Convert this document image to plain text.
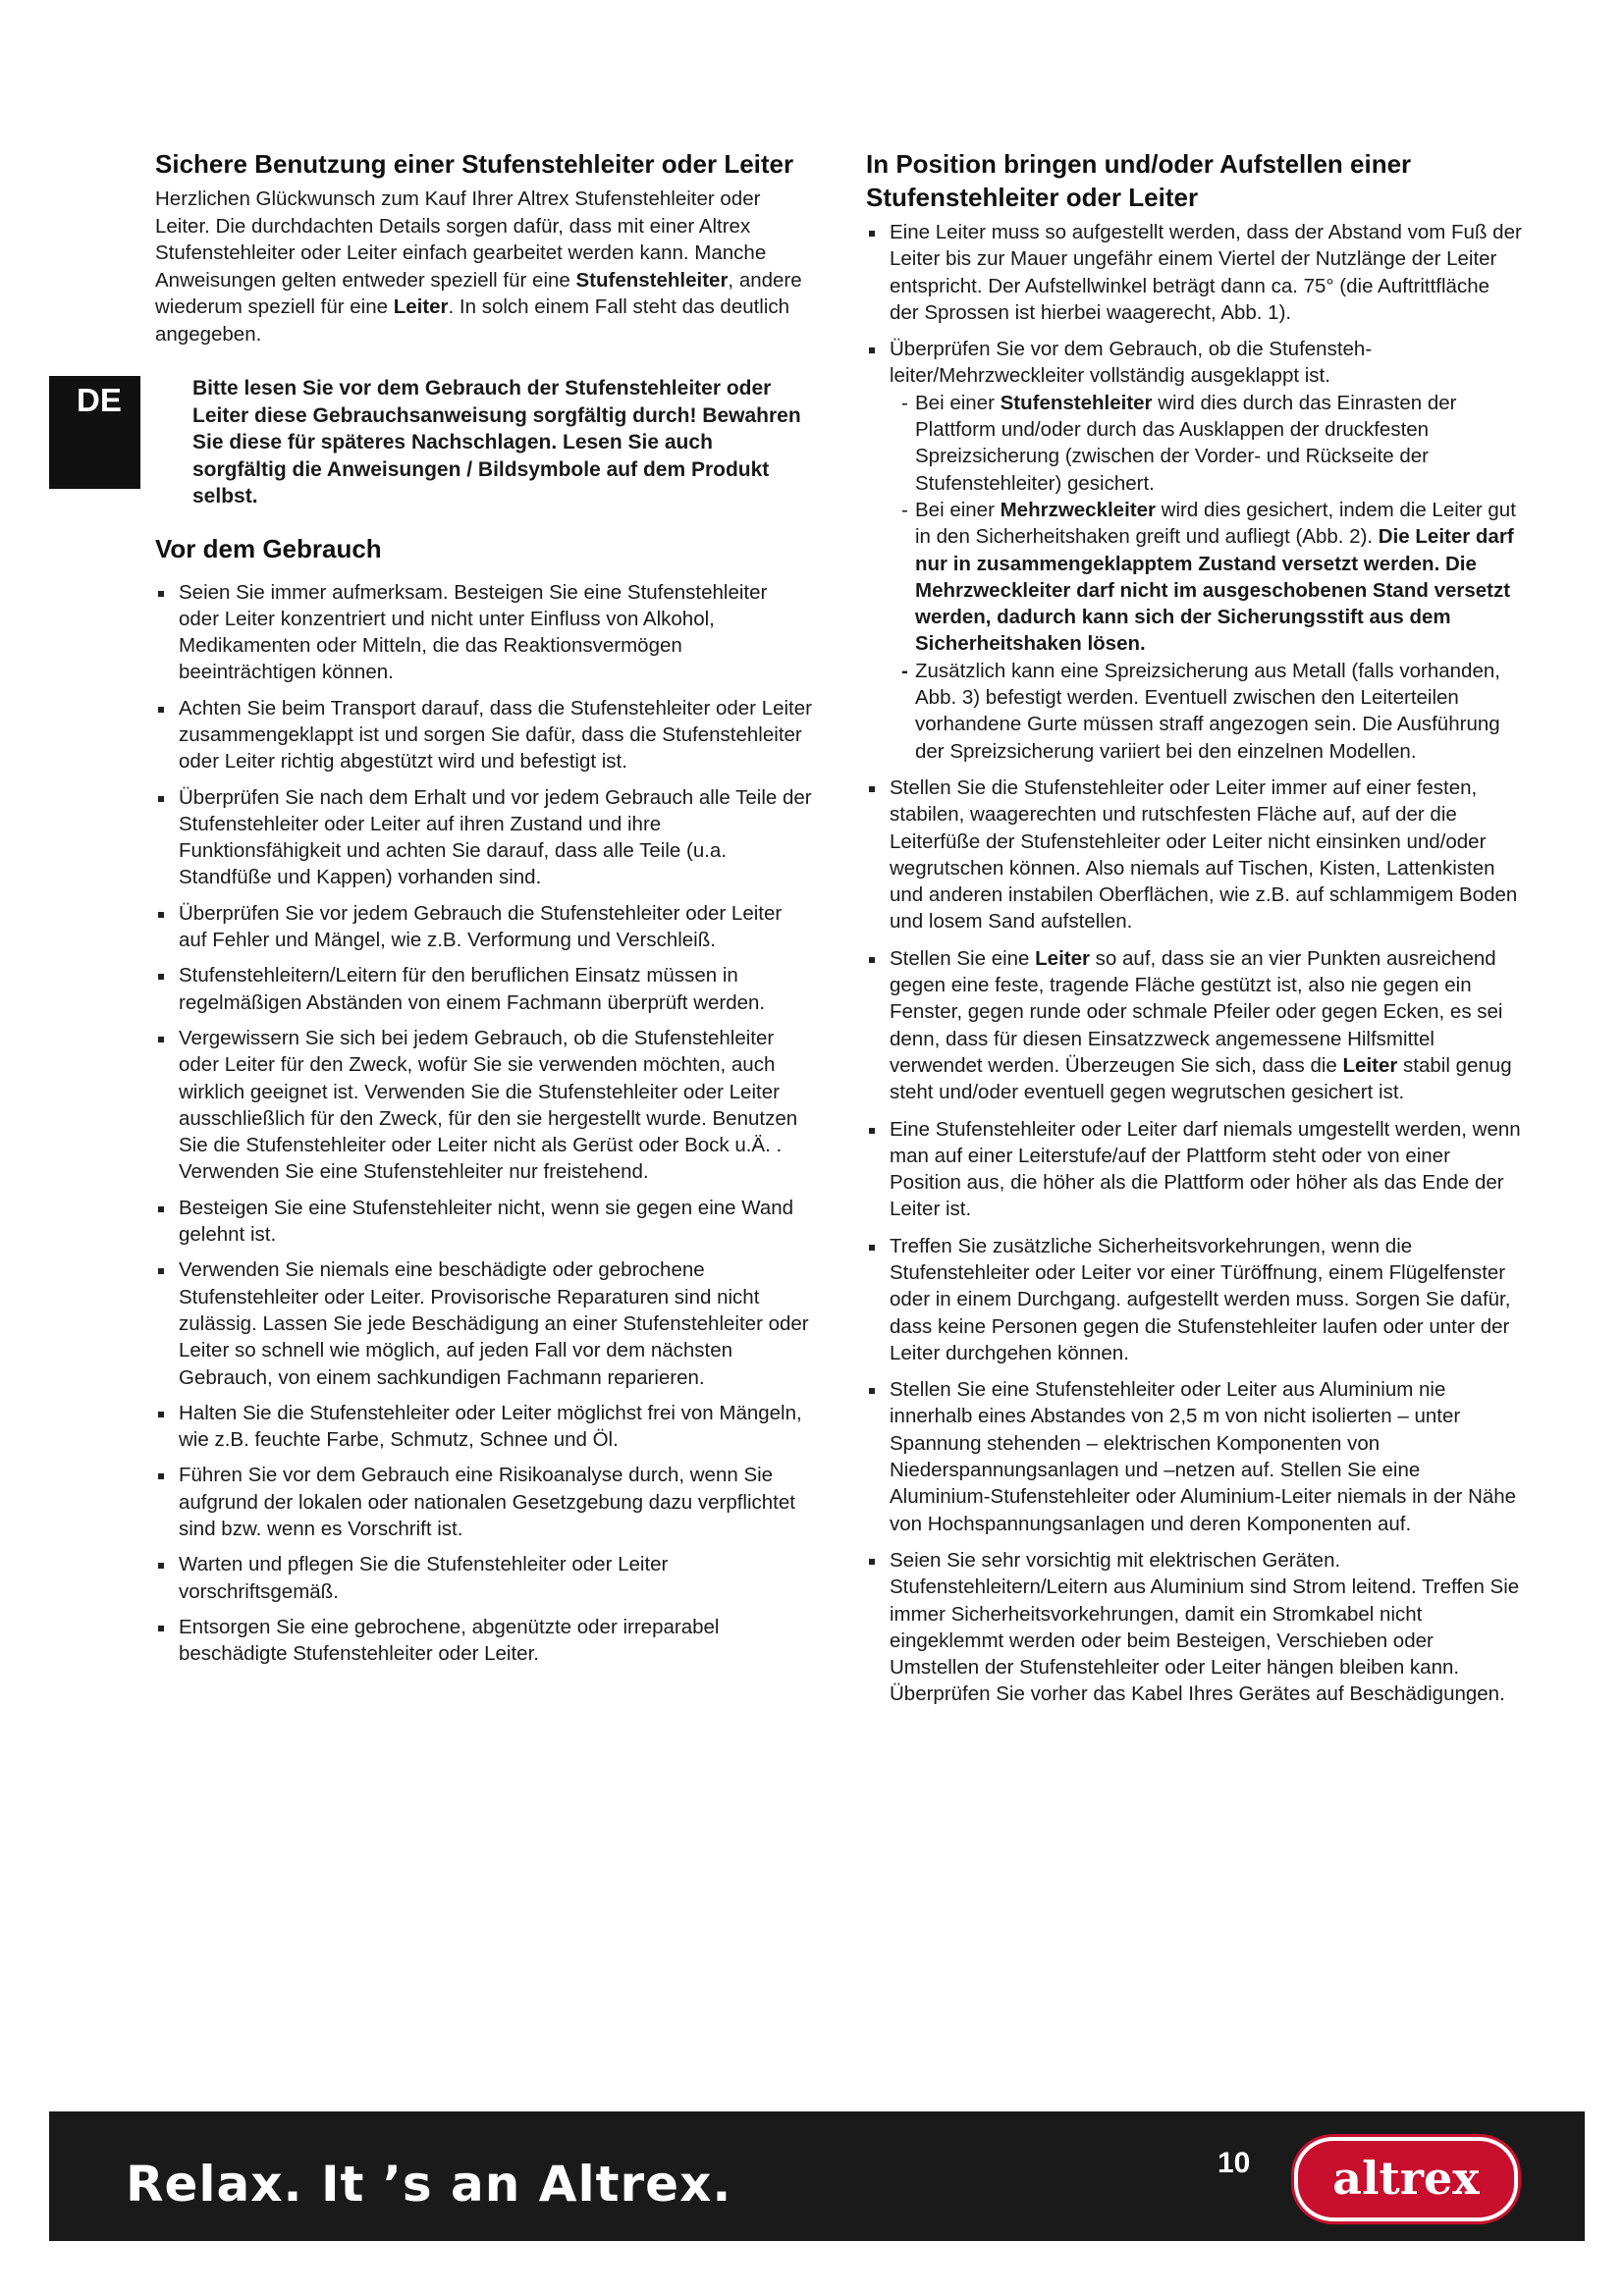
DE
Sichere Benutzung einer Stufenstehleiter oder Leiter

Herzlichen Glückwunsch zum Kauf Ihrer Altrex Stufenstehleiter oder Leiter. Die durchdachten Details sorgen dafür, dass mit einer Altrex Stufenstehleiter oder Leiter einfach gearbeitet werden kann. Manche Anweisungen gelten entweder speziell für eine Stufenstehleiter, andere wiederum speziell für eine Leiter. In solch einem Fall steht das deutlich angegeben.

Bitte lesen Sie vor dem Gebrauch der Stufenstehleiter oder Leiter diese Gebrauchsanweisung sorgfältig durch! Bewahren Sie diese für späteres Nachschlagen. Lesen Sie auch sorgfältig die Anweisungen / Bildsymbole auf dem Produkt selbst.
Vor dem Gebrauch
Seien Sie immer aufmerksam. Besteigen Sie eine Stufenstehleiter oder Leiter konzentriert und nicht unter Einfluss von Alkohol, Medikamenten oder Mitteln, die das Reaktionsvermögen beeinträchtigen können.
Achten Sie beim Transport darauf, dass die Stufenstehleiter oder Leiter zusammengeklappt ist und sorgen Sie dafür, dass die Stufenstehleiter oder Leiter richtig abgestützt wird und befestigt ist.
Überprüfen Sie nach dem Erhalt und vor jedem Gebrauch alle Teile der Stufenstehleiter oder Leiter auf ihren Zustand und ihre Funktionsfähigkeit und achten Sie darauf, dass alle Teile (u.a. Standfüße und Kappen) vorhanden sind.
Überprüfen Sie vor jedem Gebrauch die Stufenstehleiter oder Leiter auf Fehler und Mängel, wie z.B. Verformung und Verschleiß.
Stufenstehleitern/Leitern für den beruflichen Einsatz müssen in regelmäßigen Abständen von einem Fachmann überprüft werden.
Vergewissern Sie sich bei jedem Gebrauch, ob die Stufenstehleiter oder Leiter für den Zweck, wofür Sie sie verwenden möchten, auch wirklich geeignet ist. Verwenden Sie die Stufenstehleiter oder Leiter ausschließlich für den Zweck, für den sie hergestellt wurde. Benutzen Sie die Stufenstehleiter oder Leiter nicht als Gerüst oder Bock u.Ä. . Verwenden Sie eine Stufenstehleiter nur freistehend.
Besteigen Sie eine Stufenstehleiter nicht, wenn sie gegen eine Wand gelehnt ist.
Verwenden Sie niemals eine beschädigte oder gebrochene Stufenstehleiter oder Leiter. Provisorische Reparaturen sind nicht zulässig. Lassen Sie jede Beschädigung an einer Stufenstehleiter oder Leiter so schnell wie möglich, auf jeden Fall vor dem nächsten Gebrauch, von einem sachkundigen Fachmann reparieren.
Halten Sie die Stufenstehleiter oder Leiter möglichst frei von Mängeln, wie z.B. feuchte Farbe, Schmutz, Schnee und Öl.
Führen Sie vor dem Gebrauch eine Risikoanalyse durch, wenn Sie aufgrund der lokalen oder nationalen Gesetzgebung dazu verpflichtet sind bzw. wenn es Vorschrift ist.
Warten und pflegen Sie die Stufenstehleiter oder Leiter vorschriftsgemäß.
Entsorgen Sie eine gebrochene, abgenützte oder irreparabel beschädigte Stufenstehleiter oder Leiter.
In Position bringen und/oder Aufstellen einer Stufenstehleiter oder Leiter
Eine Leiter muss so aufgestellt werden, dass der Abstand vom Fuß der Leiter bis zur Mauer ungefähr einem Viertel der Nutzlänge der Leiter entspricht. Der Aufstellwinkel beträgt dann ca. 75° (die Auftrittfläche der Sprossen ist hierbei waagerecht, Abb. 1).
Überprüfen Sie vor dem Gebrauch, ob die Stufensteh-leiter/Mehrzweckleiter vollständig ausgeklappt ist.
- Bei einer Stufenstehleiter wird dies durch das Einrasten der Plattform und/oder durch das Ausklappen der druckfesten Spreizsicherung (zwischen der Vorder- und Rückseite der Stufenstehleiter) gesichert.
- Bei einer Mehrzweckleiter wird dies gesichert, indem die Leiter gut in den Sicherheitshaken greift und aufliegt (Abb. 2). Die Leiter darf nur in zusammengeklapptem Zustand versetzt werden. Die Mehrzweckleiter darf nicht im ausgeschobenen Stand versetzt werden, dadurch kann sich der Sicherungsstift aus dem Sicherheitshaken lösen.
- Zusätzlich kann eine Spreizsicherung aus Metall (falls vorhanden, Abb. 3) befestigt werden. Eventuell zwischen den Leiterteilen vorhandene Gurte müssen straff angezogen sein. Die Ausführung der Spreizsicherung variiert bei den einzelnen Modellen.
Stellen Sie die Stufenstehleiter oder Leiter immer auf einer festen, stabilen, waagerechten und rutschfesten Fläche auf, auf der die Leiterfüße der Stufenstehleiter oder Leiter nicht einsinken und/oder wegrutschen können. Also niemals auf Tischen, Kisten, Lattenkisten und anderen instabilen Oberflächen, wie z.B. auf schlammigem Boden und losem Sand aufstellen.
Stellen Sie eine Leiter so auf, dass sie an vier Punkten ausreichend gegen eine feste, tragende Fläche gestützt ist, also nie gegen ein Fenster, gegen runde oder schmale Pfeiler oder gegen Ecken, es sei denn, dass für diesen Einsatzzweck angemessene Hilfsmittel verwendet werden. Überzeugen Sie sich, dass die Leiter stabil genug steht und/oder eventuell gegen wegrutschen gesichert ist.
Eine Stufenstehleiter oder Leiter darf niemals umgestellt werden, wenn man auf einer Leiterstufe/auf der Plattform steht oder von einer Position aus, die höher als die Plattform oder höher als das Ende der Leiter ist.
Treffen Sie zusätzliche Sicherheitsvorkehrungen, wenn die Stufenstehleiter oder Leiter vor einer Türöffnung, einem Flügelfenster oder in einem Durchgang. aufgestellt werden muss. Sorgen Sie dafür, dass keine Personen gegen die Stufenstehleiter laufen oder unter der Leiter durchgehen können.
Stellen Sie eine Stufenstehleiter oder Leiter aus Aluminium nie innerhalb eines Abstandes von 2,5 m von nicht isolierten – unter Spannung stehenden – elektrischen Komponenten von Niederspannungsanlagen und –netzen auf. Stellen Sie eine Aluminium-Stufenstehleiter oder Aluminium-Leiter niemals in der Nähe von Hochspannungsanlagen und deren Komponenten auf.
Seien Sie sehr vorsichtig mit elektrischen Geräten. Stufenstehleitern/Leitern aus Aluminium sind Strom leitend. Treffen Sie immer Sicherheitsvorkehrungen, damit ein Stromkabel nicht eingeklemmt werden oder beim Besteigen, Verschieben oder Umstellen der Stufenstehleiter oder Leiter hängen bleiben kann. Überprüfen Sie vorher das Kabel Ihres Gerätes auf Beschädigungen.
Relax. It ’s an Altrex.	10	altrex
